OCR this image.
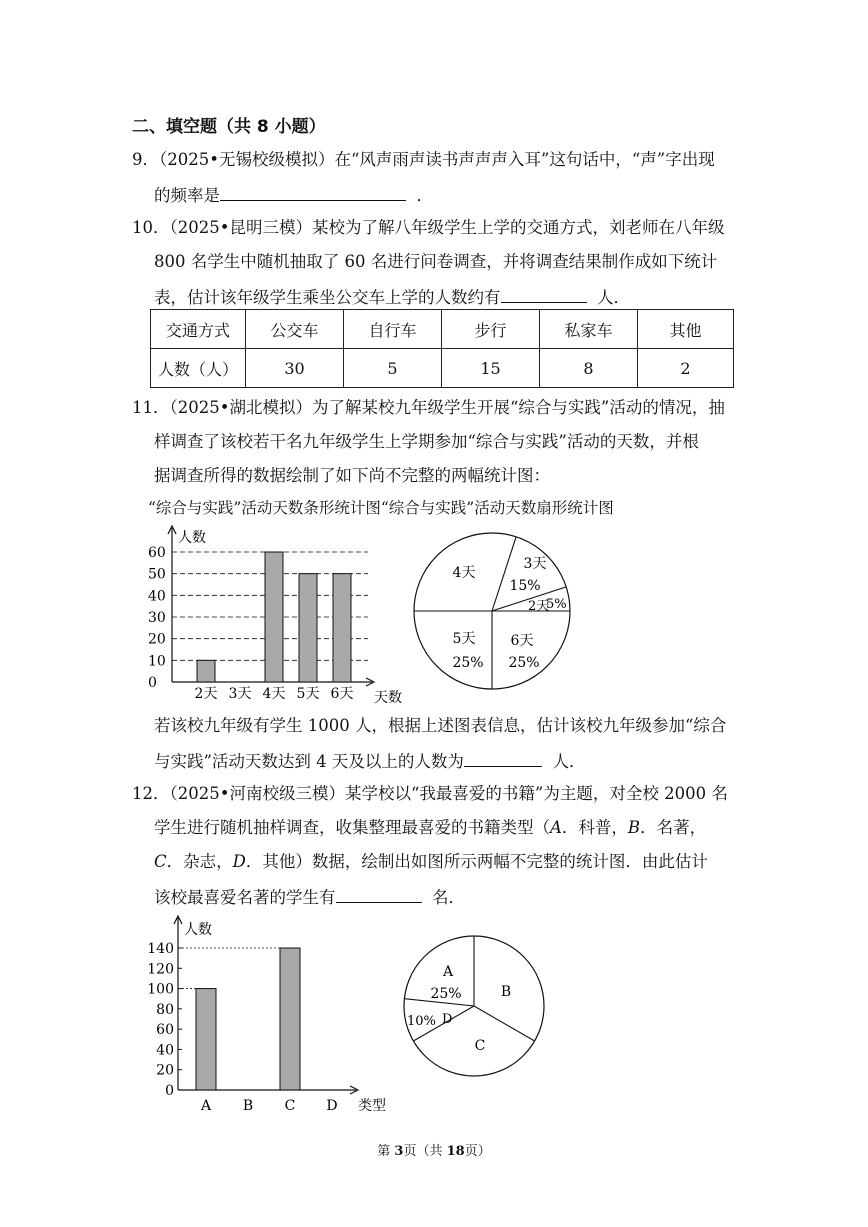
二、填空题（共 8 小题）
9．（2025•无锡校级模拟）在“风声雨声读书声声声入耳”这句话中，“声”字出现
的频率是	．
10．（2025•昆明三模）某校为了解八年级学生上学的交通方式，刘老师在八年级
800 名学生中随机抽取了 60 名进行问卷调查，并将调查结果制作成如下统计
表，估计该年级学生乘坐公交车上学的人数约有	人．
交通方式	公交车	自行车	步行	私家车	其他
人数（人）	30	5	15	8	2
11．（2025•湖北模拟）为了解某校九年级学生开展“综合与实践”活动的情况，抽
样调查了该校若干名九年级学生上学期参加“综合与实践”活动的天数，并根
据调查所得的数据绘制了如下尚不完整的两幅统计图：
“综合与实践”活动天数条形统计图“综合与实践”活动天数扇形统计图
0
10
20
30
40
50
60
人数
天数
2天 3天 4天 5天 6天
4天
3天
15%
2天
5%
6天
25%
5天
25%
若该校九年级有学生 1000 人，根据上述图表信息，估计该校九年级参加“综合
与实践”活动天数达到 4 天及以上的人数为	人．
12．（2025•河南校级三模）某学校以“我最喜爱的书籍”为主题，对全校 2000 名
学生进行随机抽样调查，收集整理最喜爱的书籍类型（A．科普，B．名著，
C．杂志，D．其他）数据，绘制出如图所示两幅不完整的统计图．由此估计
该校最喜爱名著的学生有	名．
0
20
40
60
80
100
120
140
人数
类型
A B C D
A
25%	B
C
10% D
第 3页（共 18页）
